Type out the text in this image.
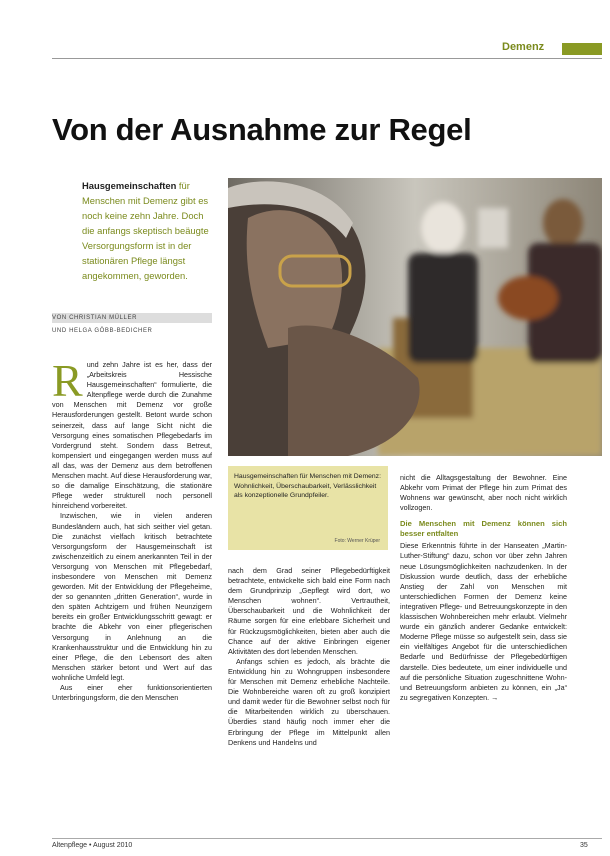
Demenz
Von der Ausnahme zur Regel
Hausgemeinschaften für Menschen mit Demenz gibt es noch keine zehn Jahre. Doch die anfangs skeptisch beäugte Versorgungsform ist in der stationären Pflege längst angekommen, geworden.
VON CHRISTIAN MÜLLER
UND HELGA GÖBB-BEDICHER
R und zehn Jahre ist es her, dass der „Arbeitskreis Hessische Hausgemeinschaften“ formulierte, die Altenpflege werde durch die Zunahme von Menschen mit Demenz vor große Herausforderungen gestellt. Betont wurde schon seinerzeit, dass auf lange Sicht nicht die Versorgung eines somatischen Pflegebedarfs im Vordergrund steht. Sondern dass Betreut, kompensiert und eingegangen werden muss auf all das, was der Demenz aus dem betroffenen Menschen macht. Auf diese Herausforderung war, so die damalige Einschätzung, die stationäre Pflege weder strukturell noch personell hinreichend vorbereitet.

Inzwischen, wie in vielen anderen Bundesländern auch, hat sich seither viel getan. Die zunächst vielfach kritisch betrachtete Versorgungsform der Hausgemeinschaft ist zwischenzeitlich zu einem anerkannten Teil in der Versorgung von Menschen mit Pflegebedarf, insbesondere von Menschen mit Demenz geworden. Mit der Entwicklung der Pflegeheime, der so genannten „dritten Generation“, wurde in den späten Achtzigern und frühen Neunzigern bereits ein großer Entwicklungsschritt gewagt: er brachte die Abkehr von einer pflegerischen Versorgung in Anlehnung an die Krankenhausstruktur und die Entwicklung hin zu einer Pflege, die den Lebensort des alten Menschen stärker betont und Wert auf das wohnliche Umfeld legt.

Aus einer eher funktionsorientierten Unterbringungsform, die den Menschen

Hausgemeinschaften für Menschen mit Demenz: Wohnlichkeit, Überschaubarkeit, Verlässlichkeit als konzeptionelle Grundpfeiler.
Foto: Werner Krüper

nach dem Grad seiner Pflegebedürftigkeit betrachtete, entwickelte sich bald eine Form nach dem Grundprinzip „Gepflegt wird dort, wo Menschen wohnen“. Vertrautheit, Überschaubarkeit und die Wohnlichkeit der Räume sorgen für eine erlebbare Sicherheit und für Rückzugsmöglichkeiten, bieten aber auch die Chance auf der aktive Einbringen eigener Aktivitäten des dort lebenden Menschen.

Anfangs schien es jedoch, als brächte die Entwicklung hin zu Wohngruppen insbesondere für Menschen mit Demenz erhebliche Nachteile. Die Wohnbereiche waren oft zu groß konzipiert und damit weder für die Bewohner selbst noch für die Mitarbeitenden wirklich zu überschauen. Überdies stand häufig noch immer eher die Erbringung der Pflege im Mittelpunkt allen Denkens und Handelns und

nicht die Alltagsgestaltung der Bewohner. Eine Abkehr vom Primat der Pflege hin zum Primat des Wohnens war gewünscht, aber noch nicht wirklich vollzogen.

Die Menschen mit Demenz können sich besser entfalten

Diese Erkenntnis führte in der Hanseaten „Martin-Luther-Stiftung“ dazu, schon vor über zehn Jahren neue Lösungsmöglichkeiten nachzudenken. In der Diskussion wurde deutlich, dass der erhebliche Anstieg der Zahl von Menschen mit unterschiedlichen Formen der Demenz keine integrativen Pflege- und Betreuungskonzepte in den klassischen Wohnbereichen mehr erlaubt. Vielmehr wurde ein gänzlich anderer Gedanke entwickelt: Moderne Pflege müsse so aufgestellt sein, dass sie ein vielfältiges Angebot für die unterschiedlichen Bedarfe und Bedürfnisse der Pflegebedürftigen darstelle. Dies bedeutete, um einer individuelle und auf die persönliche Situation zugeschnittene Wohn- und Betreuungsform anbieten zu können, ein „Ja“ zu segregativen Konzepten. →

Altenpflege • August 2010	35
